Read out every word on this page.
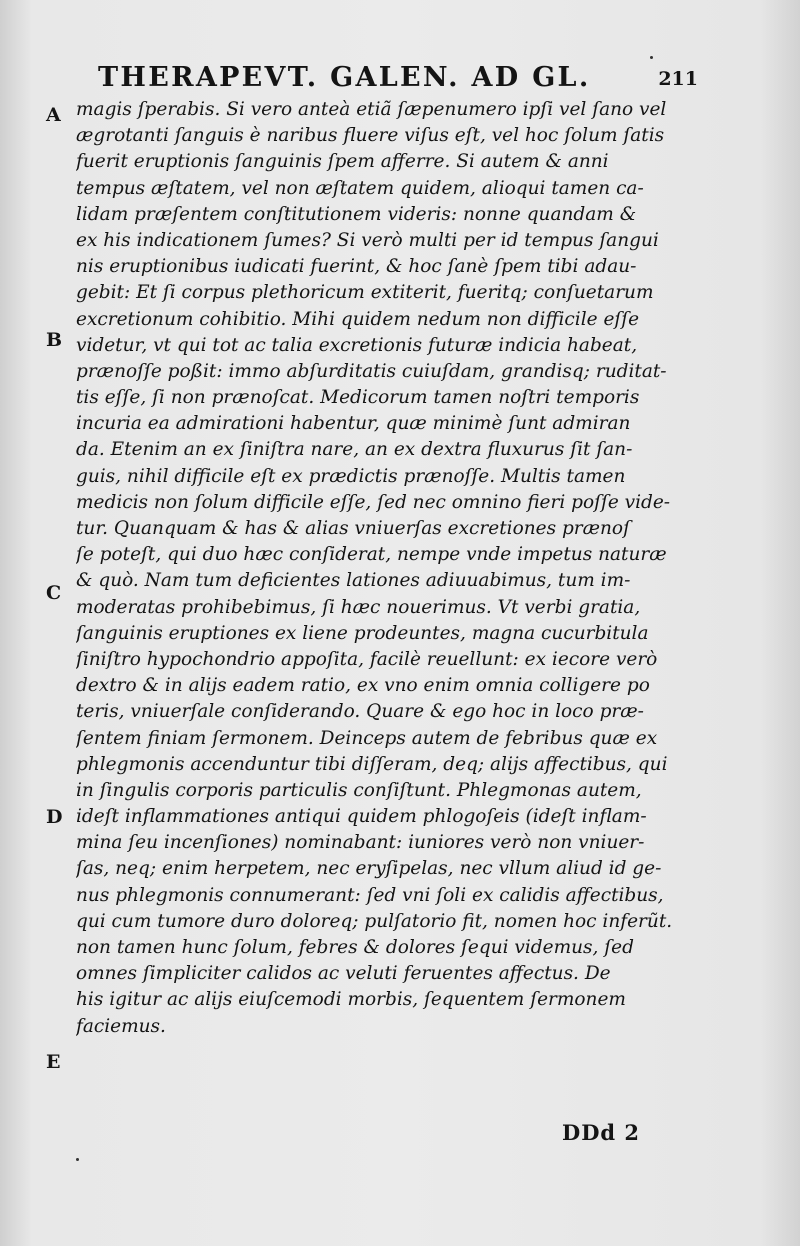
THERAPEVT. GALEN. AD GL.	211
A
B
C
D
E
magis ſperabis. Si vero anteà etiã ſæpenumero ipſi vel ſano vel
ægrotanti ſanguis è naribus fluere viſus eſt, vel hoc ſolum ſatis
fuerit eruptionis ſanguinis ſpem afferre. Si autem & anni
tempus æſtatem, vel non æſtatem quidem, alioqui tamen ca-
lidam præſentem conſtitutionem videris: nonne quandam &
ex his indicationem ſumes? Si verò multi per id tempus ſangui
nis eruptionibus iudicati fuerint, & hoc ſanè ſpem tibi adau-
gebit: Et ſi corpus plethoricum extiterit, fueritq; conſuetarum
excretionum cohibitio. Mihi quidem nedum non difficile eſſe
videtur, vt qui tot ac talia excretionis futuræ indicia habeat,
prænoſſe poßit: immo abſurditatis cuiuſdam, grandisq; ruditat-
tis eſſe, ſi non prænoſcat. Medicorum tamen noſtri temporis
incuria ea admirationi habentur, quæ minimè ſunt admiran
da. Etenim an ex ſiniſtra nare, an ex dextra fluxurus ſit ſan-
guis, nihil difficile eſt ex prædictis prænoſſe. Multis tamen
medicis non ſolum difficile eſſe, ſed nec omnino fieri poſſe vide-
tur. Quanquam & has & alias vniuerſas excretiones prænoſ
ſe poteſt, qui duo hæc conſiderat, nempe vnde impetus naturæ
& quò. Nam tum deficientes lationes adiuuabimus, tum im-
moderatas prohibebimus, ſi hæc nouerimus. Vt verbi gratia,
ſanguinis eruptiones ex liene prodeuntes, magna cucurbitula
ſiniſtro hypochondrio appoſita, facilè reuellunt: ex iecore verò
dextro & in alijs eadem ratio, ex vno enim omnia colligere po
teris, vniuerſale conſiderando. Quare & ego hoc in loco præ-
ſentem finiam ſermonem. Deinceps autem de febribus quæ ex
phlegmonis accenduntur tibi diſſeram, deq; alijs affectibus, qui
in ſingulis corporis particulis conſiſtunt. Phlegmonas autem,
ideſt inflammationes antiqui quidem phlogoſeis (ideſt inflam-
mina ſeu incenſiones) nominabant: iuniores verò non vniuer-
ſas, neq; enim herpetem, nec eryſipelas, nec vllum aliud id ge-
nus phlegmonis connumerant: ſed vni ſoli ex calidis affectibus,
qui cum tumore duro doloreq; pulſatorio fit, nomen hoc inferũt.
non tamen hunc ſolum, febres & dolores ſequi videmus, ſed
omnes ſimpliciter calidos ac veluti feruentes affectus. De
his igitur ac alijs eiuſcemodi morbis, ſequentem ſermonem
faciemus.
DDd 2
